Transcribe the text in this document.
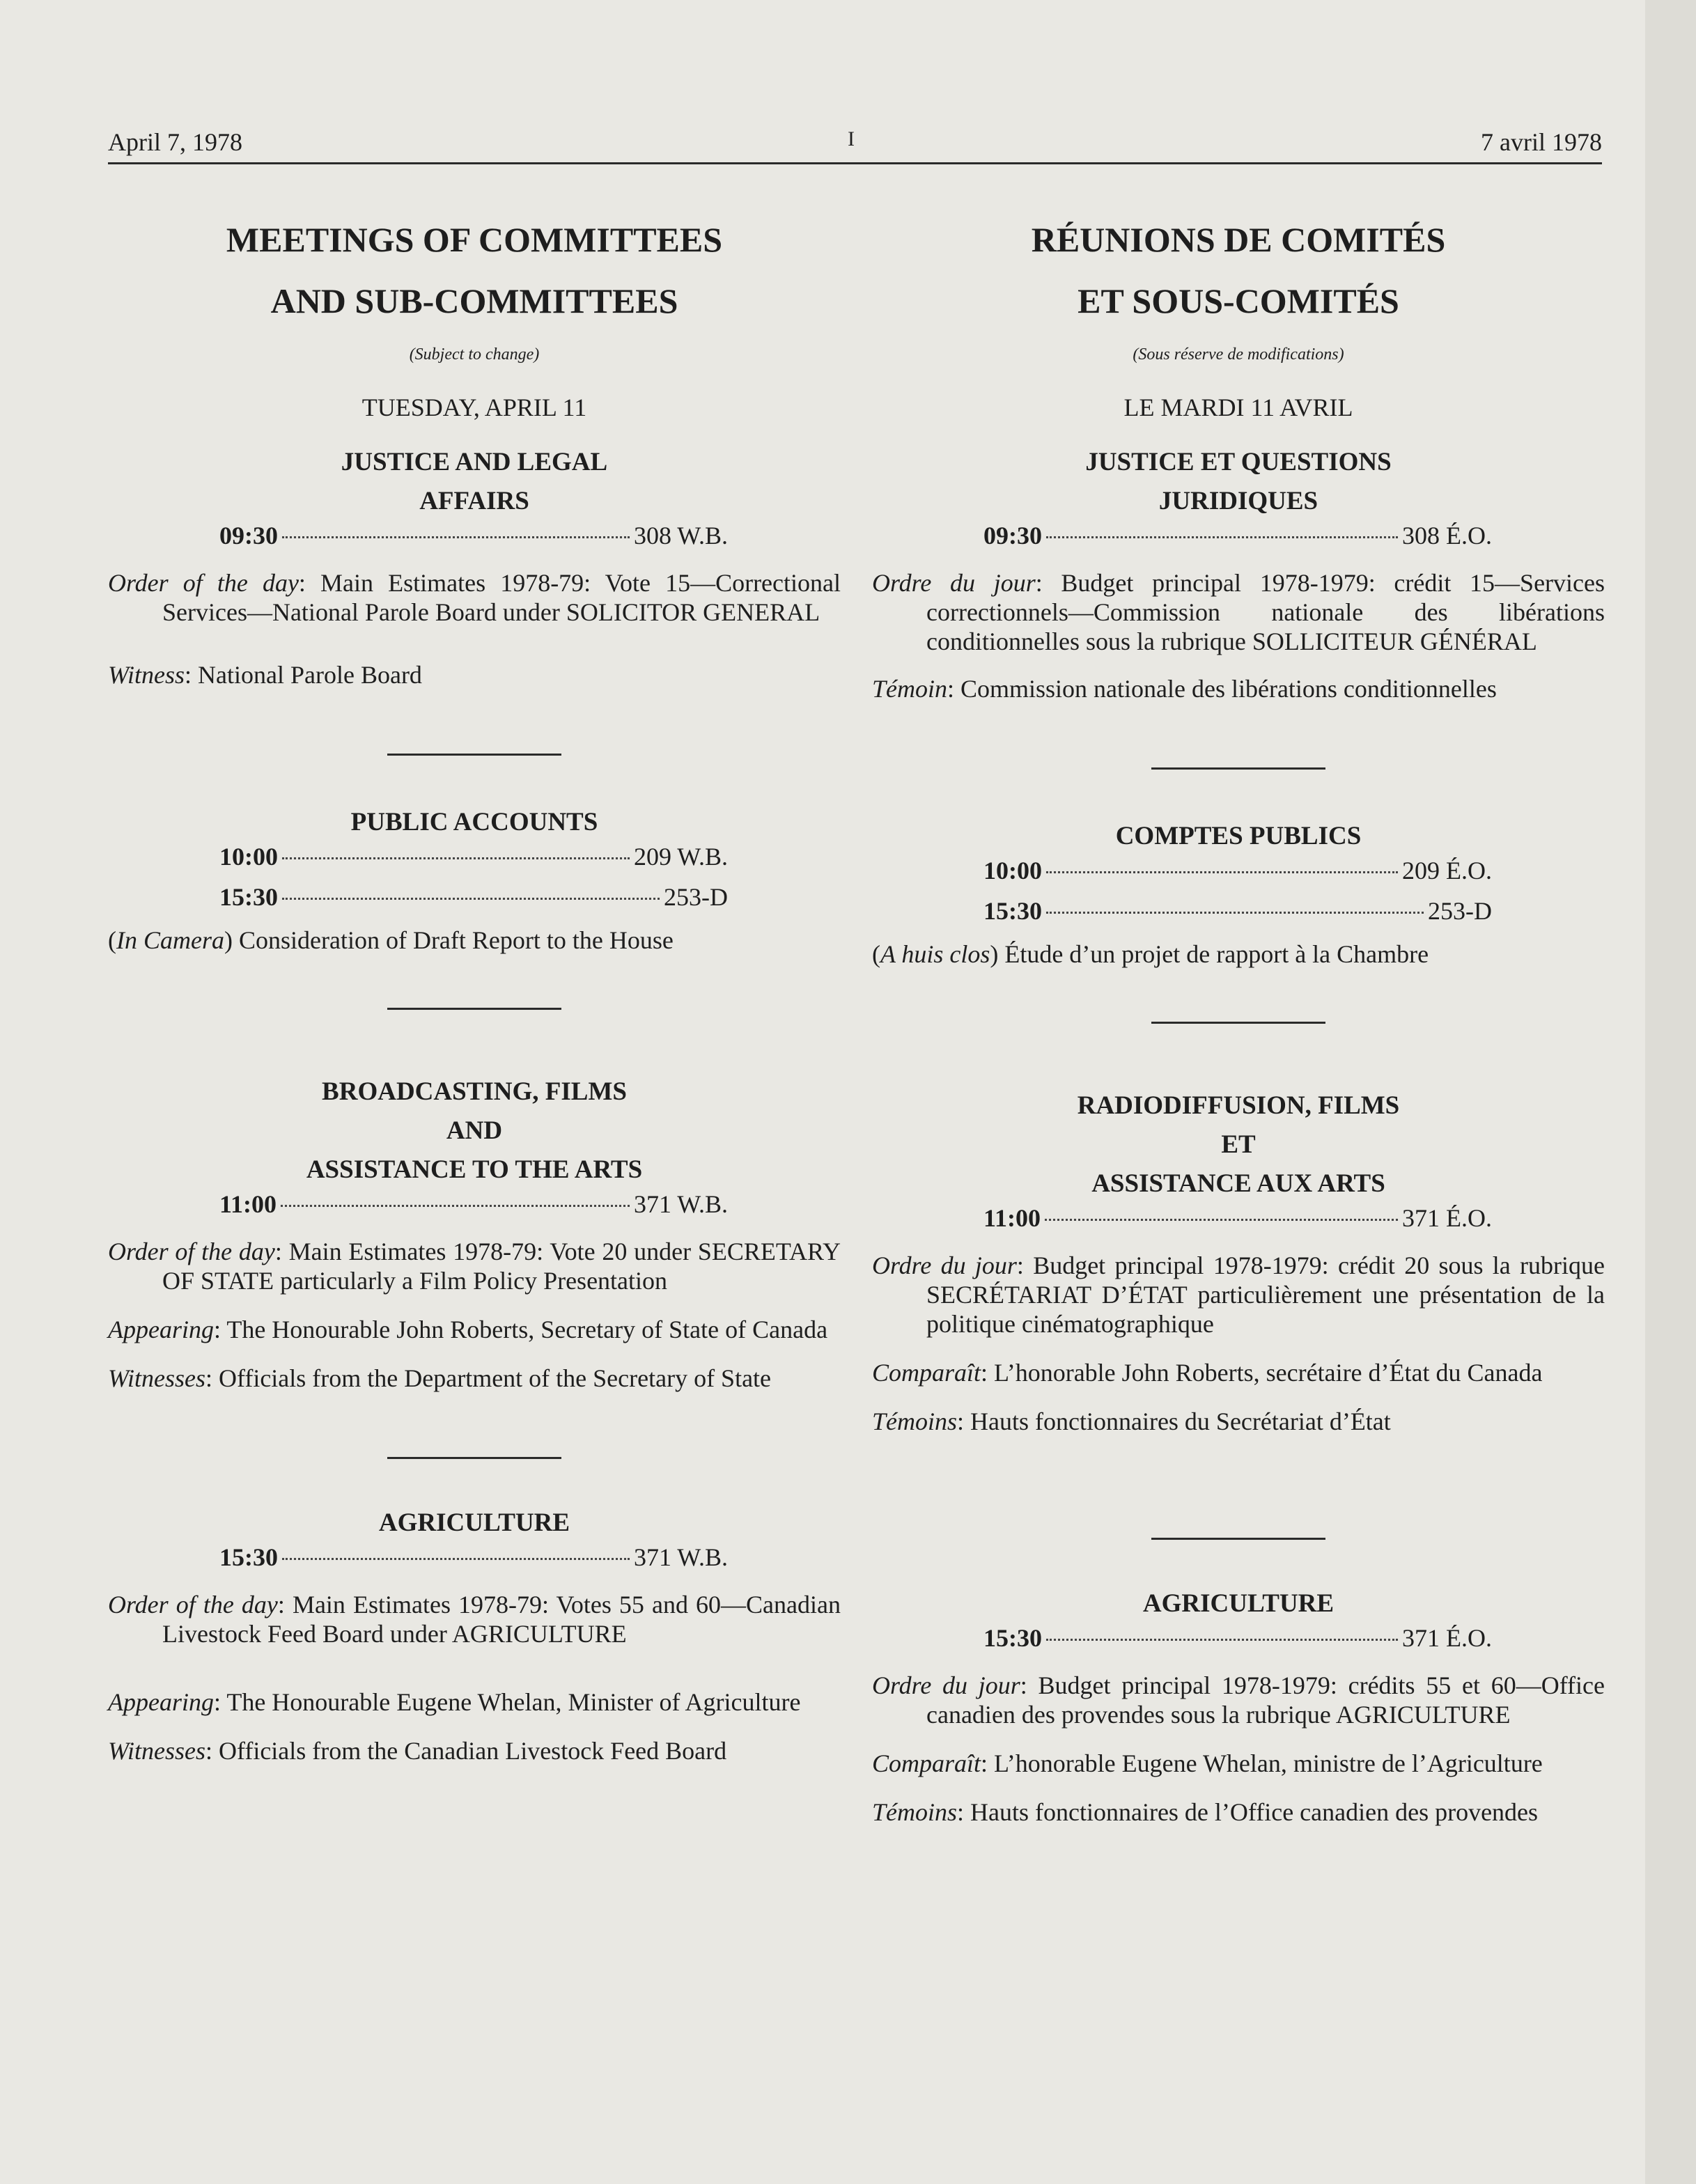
April 7, 1978	I	7 avril 1978
MEETINGS OF COMMITTEES
AND SUB-COMMITTEES
(Subject to change)
TUESDAY, APRIL 11
JUSTICE AND LEGAL
AFFAIRS
09:30	308 W.B.
Order of the day: Main Estimates 1978-79: Vote 15—Correctional Services—National Parole Board under SOLICITOR GENERAL
Witness: National Parole Board
PUBLIC ACCOUNTS
10:00	209 W.B.
15:30	253-D
(In Camera) Consideration of Draft Report to the House
BROADCASTING, FILMS AND
ASSISTANCE TO THE ARTS
11:00	371 W.B.
Order of the day: Main Estimates 1978-79: Vote 20 under SECRETARY OF STATE particularly a Film Policy Presentation
Appearing: The Honourable John Roberts, Secretary of State of Canada
Witnesses: Officials from the Department of the Secretary of State
AGRICULTURE
15:30	371 W.B.
Order of the day: Main Estimates 1978-79: Votes 55 and 60—Canadian Livestock Feed Board under AGRICULTURE
Appearing: The Honourable Eugene Whelan, Minister of Agriculture
Witnesses: Officials from the Canadian Livestock Feed Board
RÉUNIONS DE COMITÉS
ET SOUS-COMITÉS
(Sous réserve de modifications)
LE MARDI 11 AVRIL
JUSTICE ET QUESTIONS
JURIDIQUES
09:30	308 É.O.
Ordre du jour: Budget principal 1978-1979: crédit 15—Services correctionnels—Commission nationale des libérations conditionnelles sous la rubrique SOLLICITEUR GÉNÉRAL
Témoin: Commission nationale des libérations conditionnelles
COMPTES PUBLICS
10:00	209 É.O.
15:30	253-D
(A huis clos) Étude d’un projet de rapport à la Chambre
RADIODIFFUSION, FILMS ET
ASSISTANCE AUX ARTS
11:00	371 É.O.
Ordre du jour: Budget principal 1978-1979: crédit 20 sous la rubrique SECRÉTARIAT D’ÉTAT particulièrement une présentation de la politique cinématographique
Comparaît: L’honorable John Roberts, secrétaire d’État du Canada
Témoins: Hauts fonctionnaires du Secrétariat d’État
AGRICULTURE
15:30	371 É.O.
Ordre du jour: Budget principal 1978-1979: crédits 55 et 60—Office canadien des provendes sous la rubrique AGRICULTURE
Comparaît: L’honorable Eugene Whelan, ministre de l’Agriculture
Témoins: Hauts fonctionnaires de l’Office canadien des provendes
